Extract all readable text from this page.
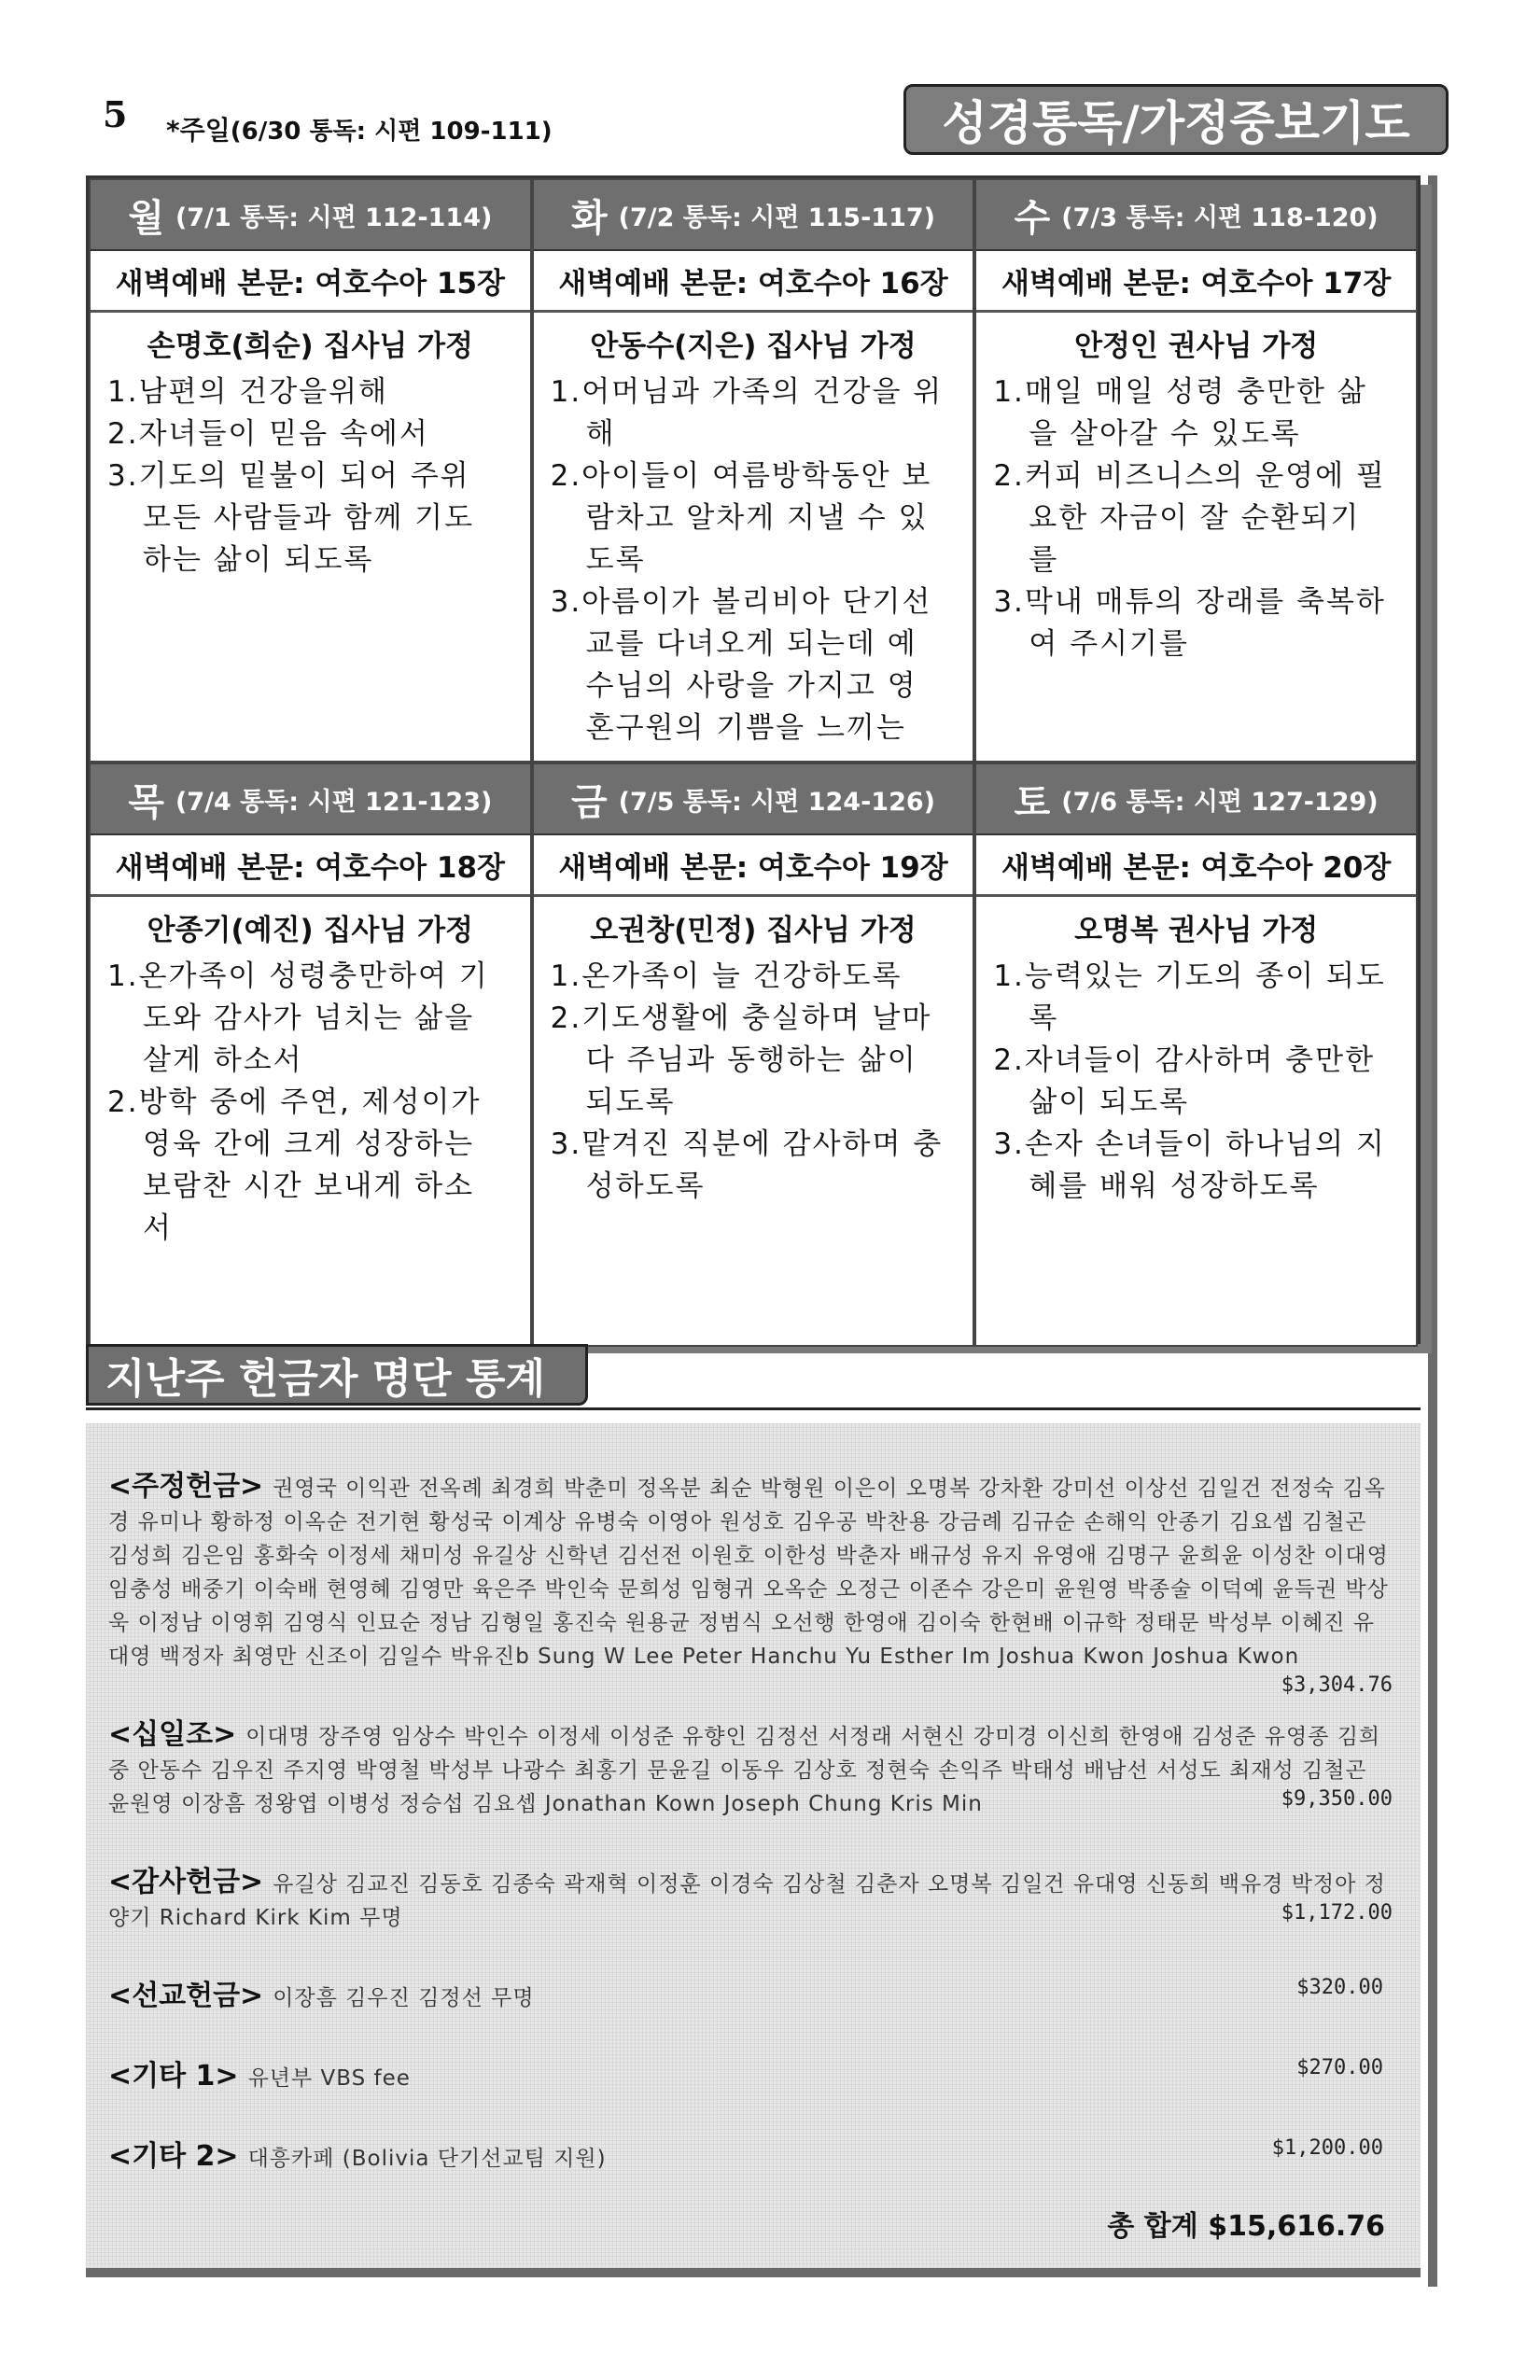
5 *주일(6/30 통독: 시편 109-111)	성경통독/가정중보기도
월 (7/1 통독: 시편 112-114)
새벽예배 본문: 여호수아 15장
손명호(희순) 집사님 가정
1.남편의 건강을위해
2.자녀들이 믿음 속에서
3.기도의 밑불이 되어 주위 모든 사람들과 함께 기도하는 삶이 되도록
화 (7/2 통독: 시편 115-117)
새벽예배 본문: 여호수아 16장
안동수(지은) 집사님 가정
1.어머님과 가족의 건강을 위해
2.아이들이 여름방학동안 보람차고 알차게 지낼 수 있도록
3.아름이가 볼리비아 단기선교를 다녀오게 되는데 예수님의 사랑을 가지고 영혼구원의 기쁨을 느끼는
수 (7/3 통독: 시편 118-120)
새벽예배 본문: 여호수아 17장
안정인 권사님 가정
1.매일 매일 성령 충만한 삶을 살아갈 수 있도록
2.커피 비즈니스의 운영에 필요한 자금이 잘 순환되기를
3.막내 매튜의 장래를 축복하여 주시기를
목 (7/4 통독: 시편 121-123)
새벽예배 본문: 여호수아 18장
안종기(예진) 집사님 가정
1.온가족이 성령충만하여 기도와 감사가 넘치는 삶을 살게 하소서
2.방학 중에 주연, 제성이가 영육 간에 크게 성장하는 보람찬 시간 보내게 하소서
금 (7/5 통독: 시편 124-126)
새벽예배 본문: 여호수아 19장
오권창(민정) 집사님 가정
1.온가족이 늘 건강하도록
2.기도생활에 충실하며 날마다 주님과 동행하는 삶이 되도록
3.맡겨진 직분에 감사하며 충성하도록
토 (7/6 통독: 시편 127-129)
새벽예배 본문: 여호수아 20장
오명복 권사님 가정
1.능력있는 기도의 종이 되도록
2.자녀들이 감사하며 충만한 삶이 되도록
3.손자 손녀들이 하나님의 지혜를 배워 성장하도록
지난주 헌금자 명단 통계
<주정헌금> 권영국 이익관 전옥례 최경희 박춘미 정옥분 최순 박형원 이은이 오명복 강차환 강미선 이상선 김일건 전정숙 김옥경 유미나 황하정 이옥순 전기현 황성국 이계상 유병숙 이영아 원성호 김우공 박찬용 강금례 김규순 손해익 안종기 김요셉 김철곤 김성희 김은임 홍화숙 이정세 채미성 유길상 신학년 김선전 이원호 이한성 박춘자 배규성 유지 유영애 김명구 윤희윤 이성찬 이대영 임충성 배중기 이숙배 현영혜 김영만 육은주 박인숙 문희성 임형귀 오옥순 오정근 이존수 강은미 윤원영 박종술 이덕예 윤득권 박상욱 이정남 이영휘 김영식 인묘순 정남 김형일 홍진숙 원용균 정범식 오선행 한영애 김이숙 한현배 이규학 정태문 박성부 이혜진 유대영 백정자 최영만 신조이 김일수 박유진b Sung W Lee Peter Hanchu Yu Esther Im Joshua Kwon Joshua Kwon
$3,304.76
<십일조> 이대명 장주영 임상수 박인수 이정세 이성준 유향인 김정선 서정래 서현신 강미경 이신희 한영애 김성준 유영종 김희중 안동수 김우진 주지영 박영철 박성부 나광수 최홍기 문윤길 이동우 김상호 정현숙 손익주 박태성 배남선 서성도 최재성 김철곤 윤원영 이장흠 정왕엽 이병성 정승섭 김요셉 Jonathan Kown Joseph Chung Kris Min	$9,350.00
<감사헌금> 유길상 김교진 김동호 김종숙 곽재혁 이정훈 이경숙 김상철 김춘자 오명복 김일건 유대영 신동희 백유경 박정아 정양기 Richard Kirk Kim 무명	$1,172.00
<선교헌금> 이장흠 김우진 김정선 무명	$320.00
<기타 1> 유년부 VBS fee	$270.00
<기타 2> 대흥카페 (Bolivia 단기선교팀 지원)	$1,200.00
총 합계 $15,616.76
